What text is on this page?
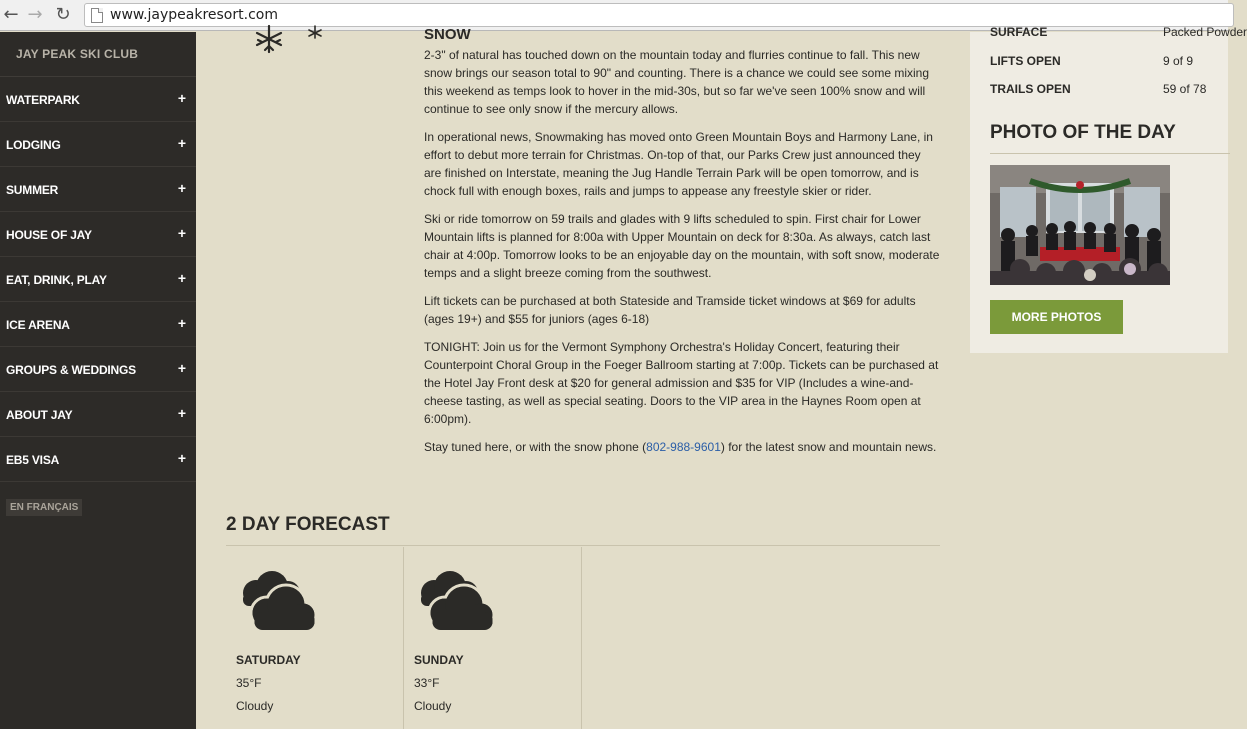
← → ↻	www.jaypeakresort.com
JAY PEAK SKI CLUB
WATERPARK	+
LODGING	+
SUMMER	+
HOUSE OF JAY	+
EAT, DRINK, PLAY	+
ICE ARENA	+
GROUPS & WEDDINGS	+
ABOUT JAY	+
EB5 VISA	+
EN FRANÇAIS
SNOW

2-3" of natural has touched down on the mountain today and flurries continue to fall. This new snow brings our season total to 90" and counting. There is a chance we could see some mixing this weekend as temps look to hover in the mid-30s, but so far we've seen 100% snow and will continue to see only snow if the mercury allows.

In operational news, Snowmaking has moved onto Green Mountain Boys and Harmony Lane, in effort to debut more terrain for Christmas. On-top of that, our Parks Crew just announced they are finished on Interstate, meaning the Jug Handle Terrain Park will be open tomorrow, and is chock full with enough boxes, rails and jumps to appease any freestyle skier or rider.

Ski or ride tomorrow on 59 trails and glades with 9 lifts scheduled to spin. First chair for Lower Mountain lifts is planned for 8:00a with Upper Mountain on deck for 8:30a. As always, catch last chair at 4:00p. Tomorrow looks to be an enjoyable day on the mountain, with soft snow, moderate temps and a slight breeze coming from the southwest.

Lift tickets can be purchased at both Stateside and Tramside ticket windows at $69 for adults (ages 19+) and $55 for juniors (ages 6-18)

TONIGHT: Join us for the Vermont Symphony Orchestra's Holiday Concert, featuring their Counterpoint Choral Group in the Foeger Ballroom starting at 7:00p. Tickets can be purchased at the Hotel Jay Front desk at $20 for general admission and $35 for VIP (Includes a wine-and-cheese tasting, as well as special seating. Doors to the VIP area in the Haynes Room open at 6:00pm).

Stay tuned here, or with the snow phone (802-988-9601) for the latest snow and mountain news.

2 DAY FORECAST
SATURDAY
35°F
Cloudy
SUNDAY
33°F
Cloudy
SURFACE	Packed Powder
LIFTS OPEN	9 of 9
TRAILS OPEN	59 of 78
PHOTO OF THE DAY
MORE PHOTOS
